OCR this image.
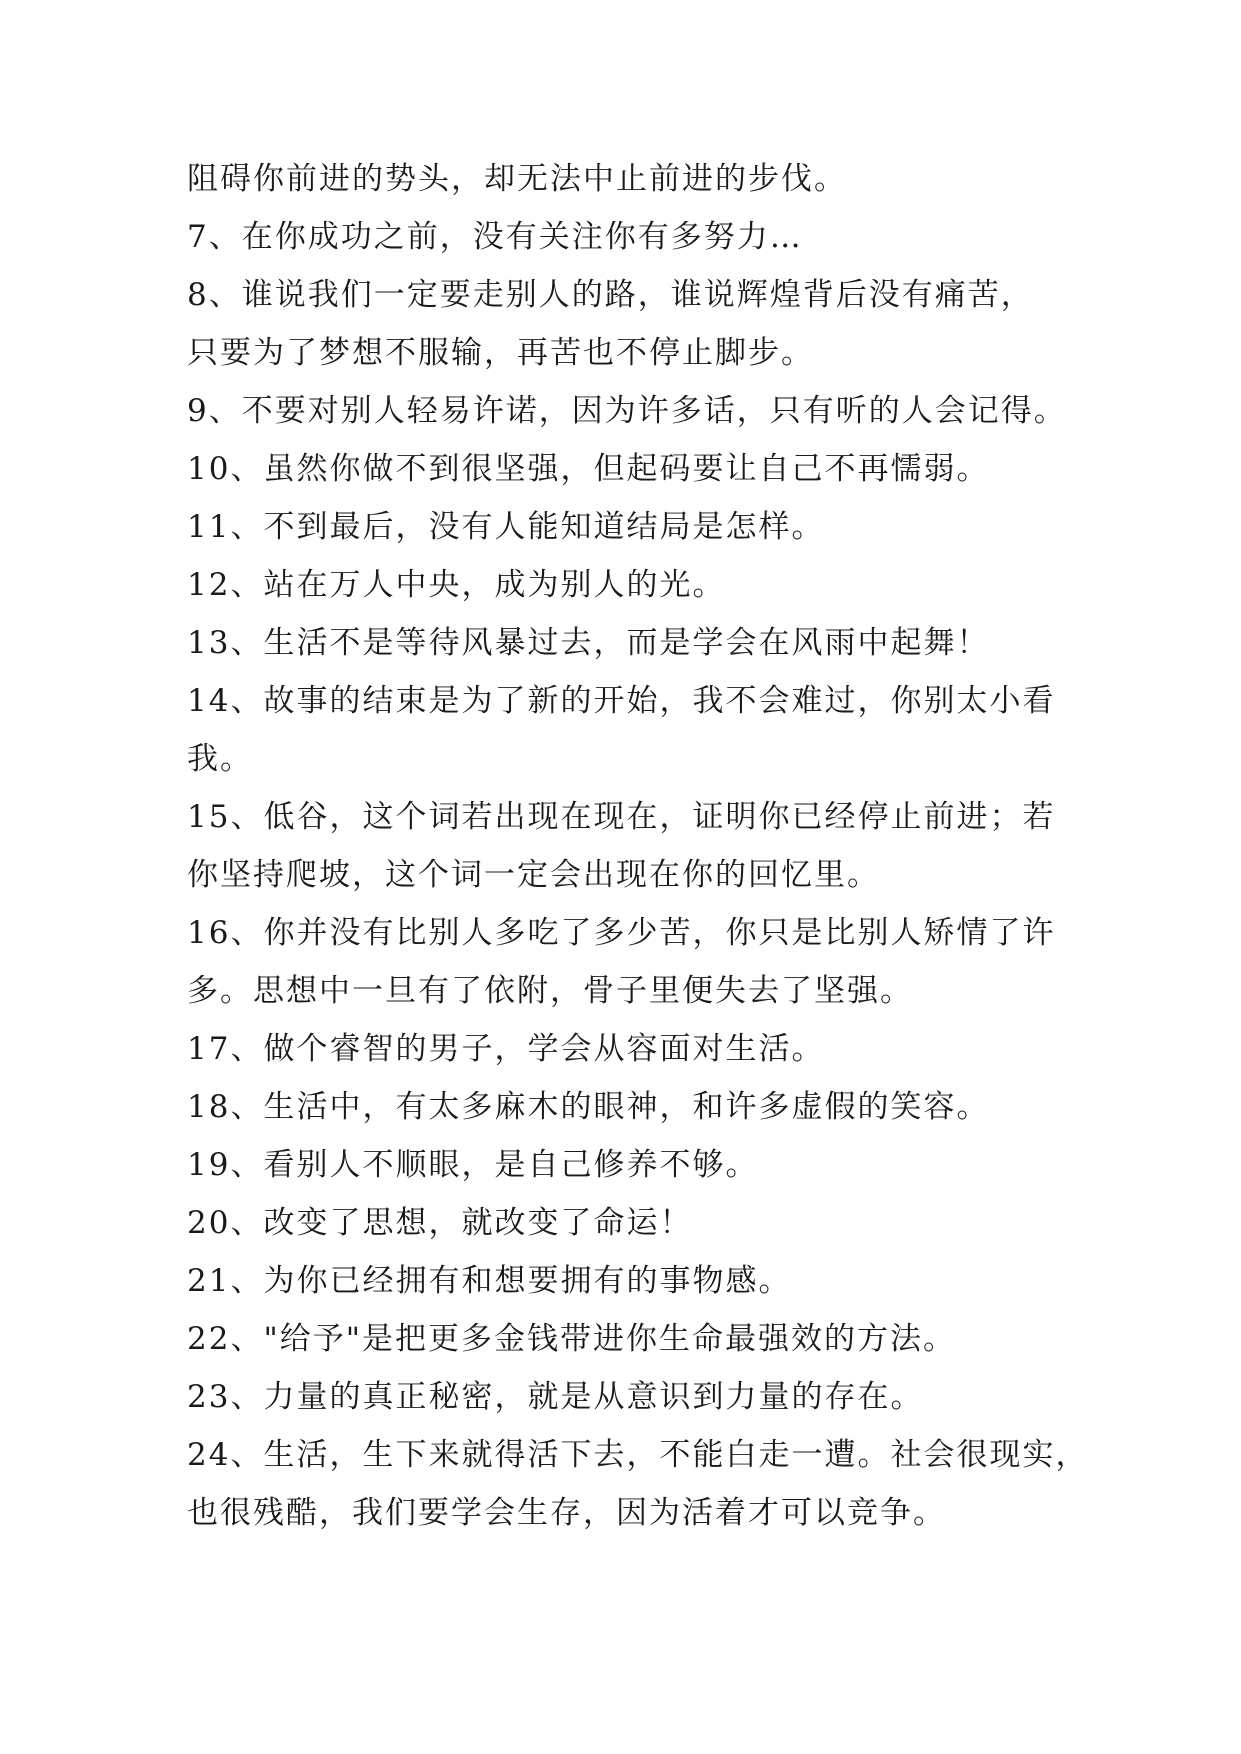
阻碍你前进的势头，却无法中止前进的步伐。
7、在你成功之前，没有关注你有多努力…
8、谁说我们一定要走别人的路，谁说辉煌背后没有痛苦，
只要为了梦想不服输，再苦也不停止脚步。
9、不要对别人轻易许诺，因为许多话，只有听的人会记得。
10、虽然你做不到很坚强，但起码要让自己不再懦弱。
11、不到最后，没有人能知道结局是怎样。
12、站在万人中央，成为别人的光。
13、生活不是等待风暴过去，而是学会在风雨中起舞！
14、故事的结束是为了新的开始，我不会难过，你别太小看
我。
15、低谷，这个词若出现在现在，证明你已经停止前进；若
你坚持爬坡，这个词一定会出现在你的回忆里。
16、你并没有比别人多吃了多少苦，你只是比别人矫情了许
多。思想中一旦有了依附，骨子里便失去了坚强。
17、做个睿智的男子，学会从容面对生活。
18、生活中，有太多麻木的眼神，和许多虚假的笑容。
19、看别人不顺眼，是自己修养不够。
20、改变了思想，就改变了命运！
21、为你已经拥有和想要拥有的事物感。
22、"给予"是把更多金钱带进你生命最强效的方法。
23、力量的真正秘密，就是从意识到力量的存在。
24、生活，生下来就得活下去，不能白走一遭。社会很现实，
也很残酷，我们要学会生存，因为活着才可以竞争。
